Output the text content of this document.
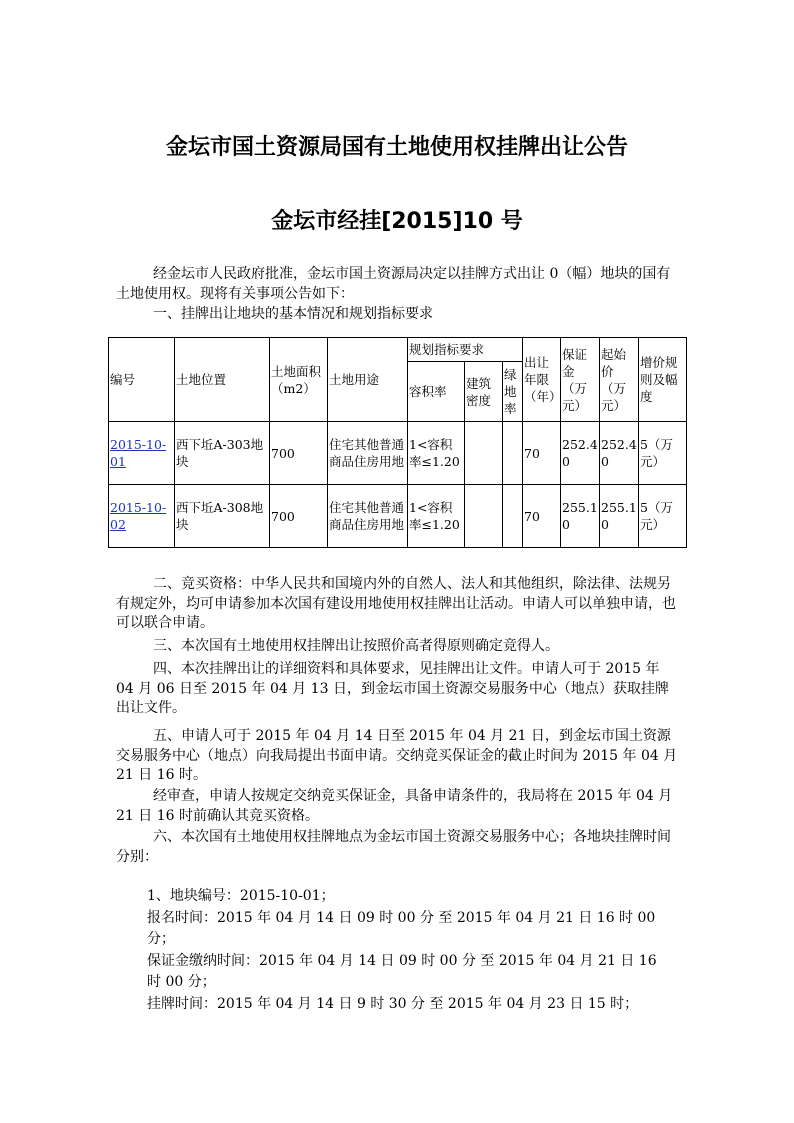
金坛市国土资源局国有土地使用权挂牌出让公告
金坛市经挂[2015]10 号

经金坛市人民政府批准，金坛市国土资源局决定以挂牌方式出让 0（幅）地块的国有土地使用权。现将有关事项公告如下：

一、挂牌出让地块的基本情况和规划指标要求

编号	土地位置	土地面积（m2）	土地用途	规划指标要求			出让年限（年）	保证金（万元）	起始价（万元）	增价规则及幅度
				容积率	建筑密度	绿地率				
2015-10-01	西下坵A-303地块	700	住宅其他普通商品住房用地	1<容积率≤1.20			70	252.40	252.40	5（万元）
2015-10-02	西下坵A-308地块	700	住宅其他普通商品住房用地	1<容积率≤1.20			70	255.10	255.10	5（万元）

二、竞买资格：中华人民共和国境内外的自然人、法人和其他组织，除法律、法规另有规定外，均可申请参加本次国有建设用地使用权挂牌出让活动。申请人可以单独申请，也可以联合申请。

三、本次国有土地使用权挂牌出让按照价高者得原则确定竞得人。

四、本次挂牌出让的详细资料和具体要求，见挂牌出让文件。申请人可于 2015 年 04 月 06 日至 2015 年 04 月 13 日，到金坛市国土资源交易服务中心（地点）获取挂牌出让文件。

五、申请人可于 2015 年 04 月 14 日至 2015 年 04 月 21 日，到金坛市国土资源交易服务中心（地点）向我局提出书面申请。交纳竞买保证金的截止时间为 2015 年 04 月 21 日 16 时。

经审查，申请人按规定交纳竞买保证金，具备申请条件的，我局将在 2015 年 04 月 21 日 16 时前确认其竞买资格。

六、本次国有土地使用权挂牌地点为金坛市国土资源交易服务中心；各地块挂牌时间分别：

1、地块编号：2015-10-01；

报名时间：2015 年 04 月 14 日 09 时 00 分 至 2015 年 04 月 21 日 16 时 00 分；

保证金缴纳时间：2015 年 04 月 14 日 09 时 00 分 至 2015 年 04 月 21 日 16 时 00 分；

挂牌时间：2015 年 04 月 14 日 9 时 30 分 至 2015 年 04 月 23 日 15 时；
